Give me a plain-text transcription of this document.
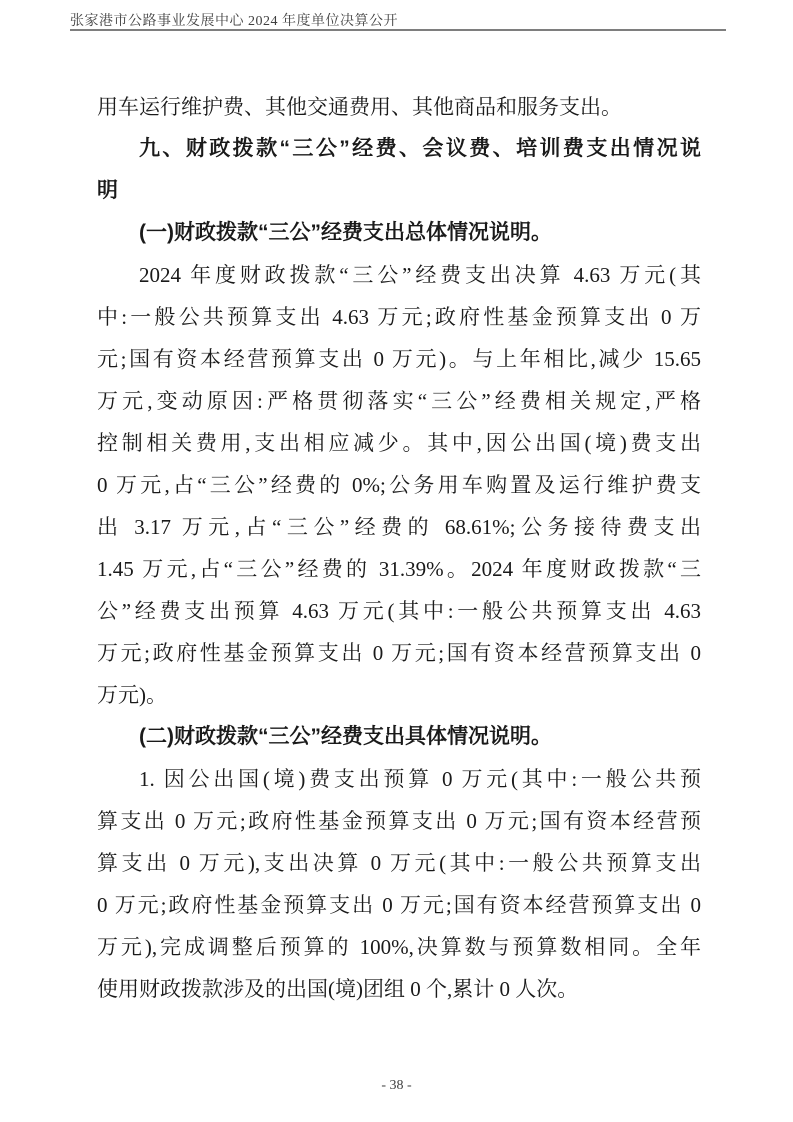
张家港市公路事业发展中心 2024 年度单位决算公开
用车运行维护费、其他交通费用、其他商品和服务支出。
九、财政拨款“三公”经费、会议费、培训费支出情况说
明
(一)财政拨款“三公”经费支出总体情况说明。
2024 年度财政拨款“三公”经费支出决算 4.63 万元(其
中:一般公共预算支出 4.63 万元;政府性基金预算支出 0 万
元;国有资本经营预算支出 0 万元)。与上年相比,减少 15.65
万元,变动原因:严格贯彻落实“三公”经费相关规定,严格
控制相关费用,支出相应减少。其中,因公出国(境)费支出
0 万元,占“三公”经费的 0%;公务用车购置及运行维护费支
出 3.17 万元,占“三公”经费的 68.61%;公务接待费支出
1.45 万元,占“三公”经费的 31.39%。2024 年度财政拨款“三
公”经费支出预算 4.63 万元(其中:一般公共预算支出 4.63
万元;政府性基金预算支出 0 万元;国有资本经营预算支出 0
万元)。
(二)财政拨款“三公”经费支出具体情况说明。
1. 因公出国(境)费支出预算 0 万元(其中:一般公共预
算支出 0 万元;政府性基金预算支出 0 万元;国有资本经营预
算支出 0 万元),支出决算 0 万元(其中:一般公共预算支出
0 万元;政府性基金预算支出 0 万元;国有资本经营预算支出 0
万元),完成调整后预算的 100%,决算数与预算数相同。全年
使用财政拨款涉及的出国(境)团组 0 个,累计 0 人次。
- 38 -
